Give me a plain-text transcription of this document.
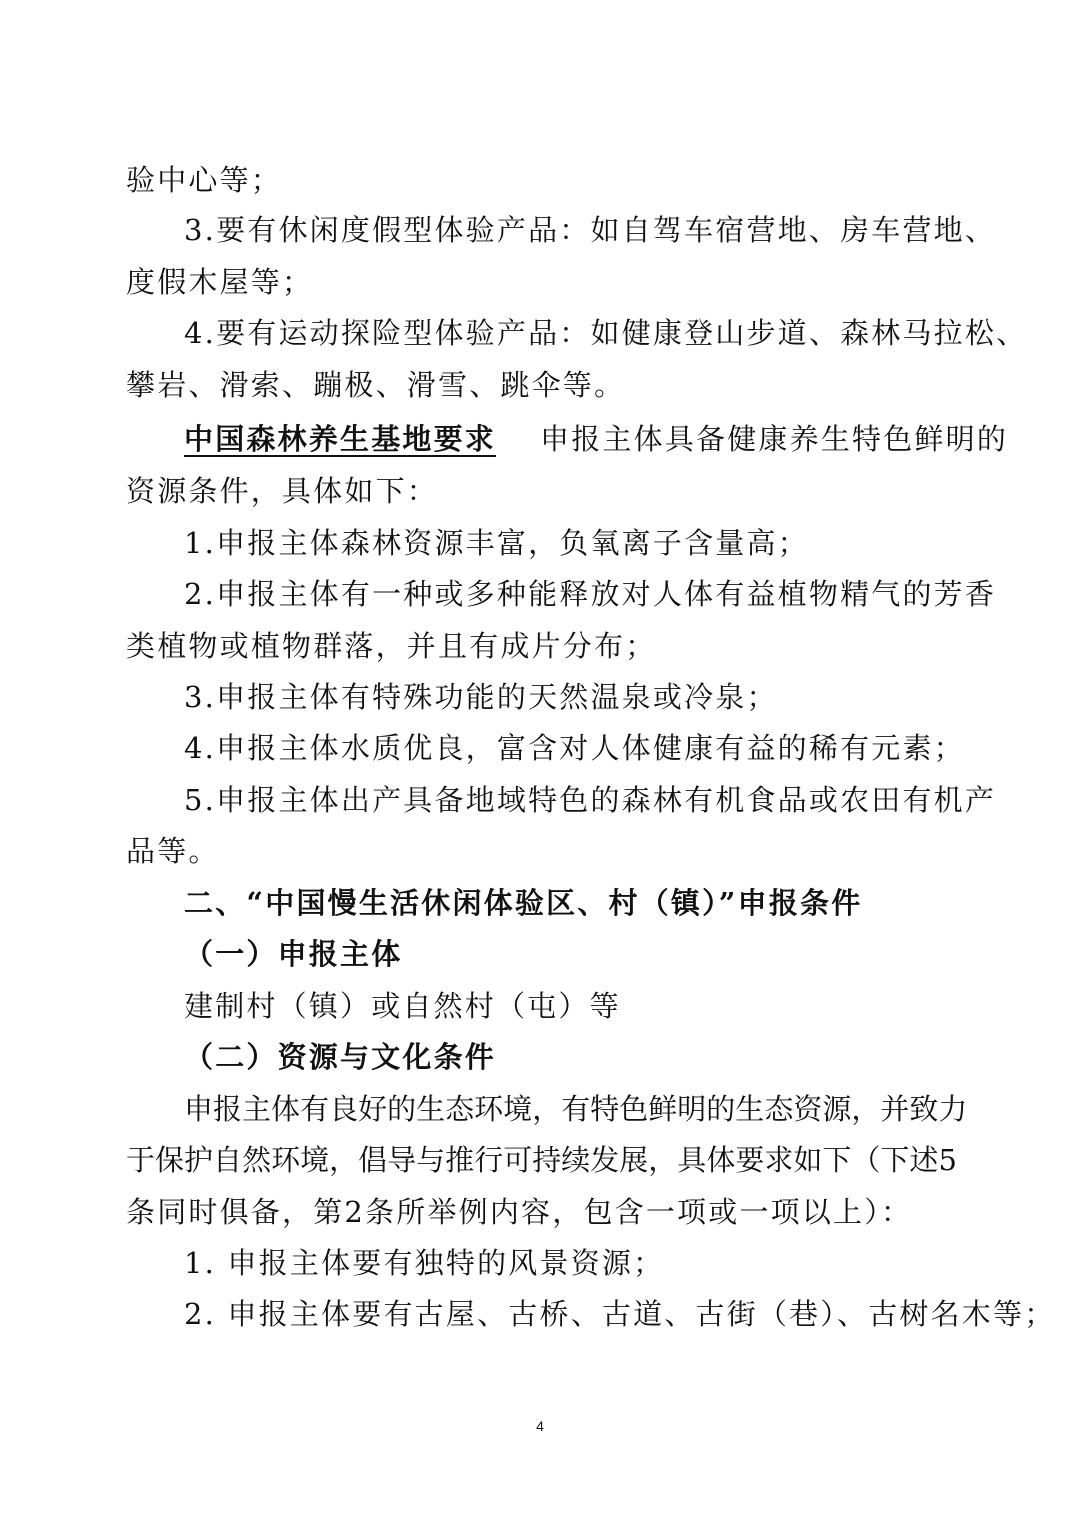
验中心等；
3.要有休闲度假型体验产品：如自驾车宿营地、房车营地、
度假木屋等；
4.要有运动探险型体验产品：如健康登山步道、森林马拉松、
攀岩、滑索、蹦极、滑雪、跳伞等。
中国森林养生基地要求 申报主体具备健康养生特色鲜明的
资源条件，具体如下：
1.申报主体森林资源丰富，负氧离子含量高；
2.申报主体有一种或多种能释放对人体有益植物精气的芳香
类植物或植物群落，并且有成片分布；
3.申报主体有特殊功能的天然温泉或冷泉；
4.申报主体水质优良，富含对人体健康有益的稀有元素；
5.申报主体出产具备地域特色的森林有机食品或农田有机产
品等。
二、“中国慢生活休闲体验区、村（镇）”申报条件
（一）申报主体
建制村（镇）或自然村（屯）等
（二）资源与文化条件
申 报 主 体 有 良 好 的 生 态 环 境 ， 有 特 色 鲜 明 的 生 态 资 源 ， 并 致 力
于 保 护 自 然 环 境 ， 倡 导 与 推 行 可 持 续 发 展 ， 具 体 要 求 如 下 （ 下 述 5
条同时俱备，第2条所举例内容，包含一项或一项以上）：
1. 申报主体要有独特的风景资源；
2. 申报主体要有古屋、古桥、古道、古街（巷）、古树名木等；
4
